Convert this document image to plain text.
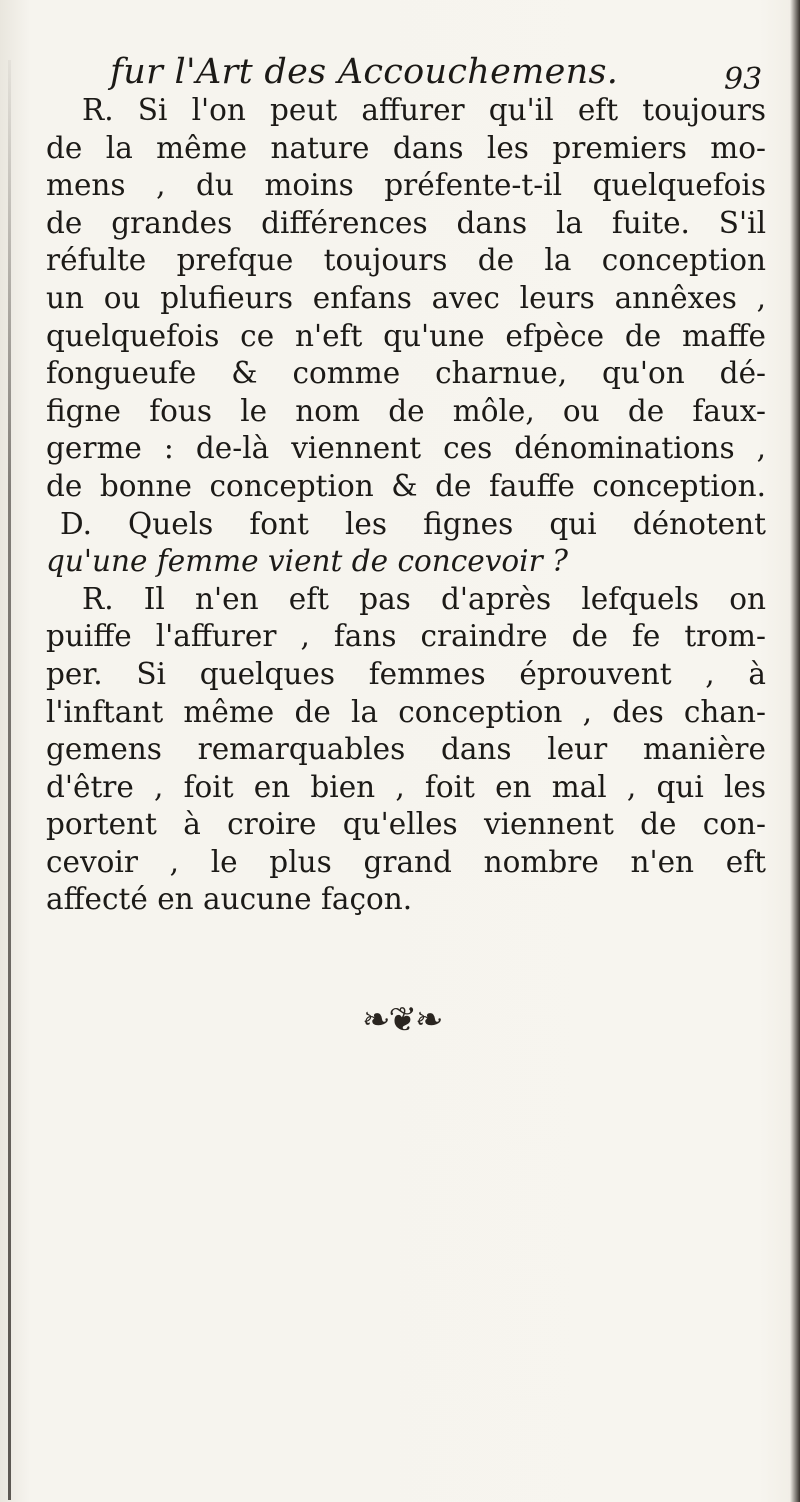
fur l'Art des Accouchemens.	93
R. Si l'on peut affurer qu'il eft toujours
de la même nature dans les premiers mo-
mens , du moins préfente-t-il quelquefois
de grandes différences dans la fuite. S'il
réfulte prefque toujours de la conception
un ou plufieurs enfans avec leurs annêxes ,
quelquefois ce n'eft qu'une efpèce de maffe
fongueufe & comme charnue, qu'on dé-
figne fous le nom de môle, ou de faux-
germe : de-là viennent ces dénominations ,
de bonne conception & de fauffe conception.
D. Quels font les fignes qui dénotent
qu'une femme vient de concevoir ?
R. Il n'en eft pas d'après lefquels on
puiffe l'affurer , fans craindre de fe trom-
per. Si quelques femmes éprouvent , à
l'inftant même de la conception , des chan-
gemens remarquables dans leur manière
d'être , foit en bien , foit en mal , qui les
portent à croire qu'elles viennent de con-
cevoir , le plus grand nombre n'en eft
affecté en aucune façon.
❧❦❧
